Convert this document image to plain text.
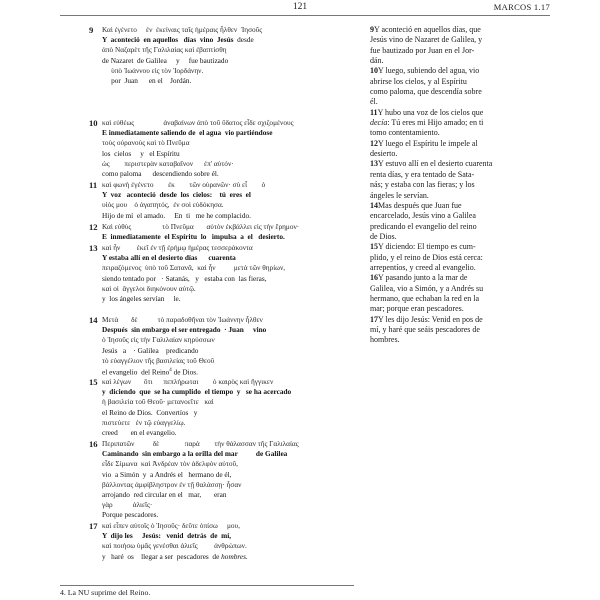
121	MARCOS 1.17
9 Καὶ ἐγένετο     ἐν  ἐκείναις ταῖς ἡμέραις ἦλθεν  Ἰησοῦς

Y  aconteció  en aquellos   días  vino  Jesús  desde

ἀπὸ Ναζαρὲτ τῆς Γαλιλαίας καὶ ἐβαπτίσθη

de Nazaret  de Galilea     y     fue bautizado

ὑπὸ Ἰωάννου εἰς τὸν Ἰορδάνην.

por  Juan      en el    Jordán.

10 καὶ εὐθέως                ἀναβαίνων ἀπὸ τοῦ ὕδατος εἶδε σχιζομένους

E inmediatamente saliendo de  el agua  vio partiéndose

τοὺς οὐρανοὺς καὶ τὸ Πνεῦμα

los  cielos     y   el Espíritu

ὡς        περιστερὰν καταβαῖνον      ἐπ' αὐτόν·

como paloma      descendiendo sobre él.

11 καὶ φωνὴ ἐγένετο        ἐκ        τῶν οὐρανῶν· σὺ εἶ        ὁ

Y  voz   aconteció  desde  los  cielos:    tú  eres  el

υἱός μου    ὁ ἀγαπητός,  ἐν σοὶ εὐδόκησα.

Hijo de mí  el amado.     En  ti   me he complacido.

12 Καὶ εὐθὺς                 τὸ Πνεῦμα       αὐτὸν ἐκβάλλει εἰς τὴν ἔρημον·

E  inmediatamente  el Espíritu  lo   impulsa  a  el   desierto.

13 καὶ ἦν         ἐκεῖ ἐν τῇ ἐρήμῳ ἡμέρας τεσσεράκοντα

Y estaba allí en el desierto días      cuarenta

πειραζόμενος  ὑπὸ τοῦ Σατανᾶ,  καὶ ἦν          μετὰ τῶν θηρίων,

siendo tentado por   · Satanás,   y   estaba con  las fieras,

καὶ οἱ  ἄγγελοι διηκόνουν αὐτῷ.

y  los ángeles servían     le.

14 Μετὰ       δὲ           τὸ παραδοθῆναι τὸν Ἰωάννην ἦλθεν

Después  sin embargo el ser entregado  · Juan     vino

ὁ Ἰησοῦς εἰς τὴν Γαλιλαίαν κηρύσσων

Jesús   a    · Galilea    predicando

τὸ εὐαγγέλιον τῆς βασιλείας τοῦ Θεοῦ

el evangelio  del Reino$^4$ de Dios.

15 καὶ λέγων       ὅτι      πεπλήρωται        ὁ καιρὸς καὶ ἤγγικεν

y  diciendo  que  se ha cumplido  el tiempo  y   se ha acercado

ἡ βασιλεία τοῦ Θεοῦ· μετανοεῖτε   καὶ

el Reino de Dios.  Convertíos   y

πιστεύετε   ἐν τῷ εὐαγγελίῳ.

creed       en el evangelio.

16 Περιπατῶν          δὲ              παρὰ        τὴν θάλασσαν τῆς Γαλιλαίας

Caminando  sin embargo a la orilla del mar          de Galilea

εἶδε Σίμωνα  καὶ Ἀνδρέαν τὸν ἀδελφὸν αὐτοῦ,

vio  a Simón  y  a Andrés el   hermano de él,

βάλλοντας ἀμφίβληστρον ἐν τῇ θαλάσσῃ· ἦσαν

arrojando  red circular en el   mar,       eran

γὰρ           ἁλιεῖς·

Porque pescadores.

17 καὶ εἶπεν αὐτοῖς ὁ Ἰησοῦς· δεῦτε ὀπίσω     μου,

Y  dijo les     Jesús:   venid  detrás  de  mí,

καὶ ποιήσω ὑμᾶς γενέσθαι ἁλιεῖς         ἀνθρώπων.

y   haré  os    llegar a ser  pescadores  de hombres.

9Y aconteció en aquellos días, que

Jesús vino de Nazaret de Galilea, y

fue bautizado por Juan en el Jor-

dán.

10Y luego, subiendo del agua, vio

abrirse los cielos, y al Espíritu

como paloma, que descendía sobre

él.

11Y hubo una voz de los cielos que

decía: Tú eres mi Hijo amado; en ti

tomo contentamiento.

12Y luego el Espíritu le impele al

desierto.

13Y estuvo allí en el desierto cuarenta

renta días, y era tentado de Sata-

nás; y estaba con las fieras; y los

ángeles le servían.

14Mas después que Juan fue

encarcelado, Jesús vino a Galilea

predicando el evangelio del reino

de Dios.

15Y diciendo: El tiempo es cum-

plido, y el reino de Dios está cerca:

arrepentíos, y creed al evangelio.

16Y pasando junto a la mar de

Galilea, vio a Simón, y a Andrés su

hermano, que echaban la red en la

mar; porque eran pescadores.

17Y les dijo Jesús: Venid en pos de

mí, y haré que seáis pescadores de

hombres.

4. La NU suprime del Reino.
